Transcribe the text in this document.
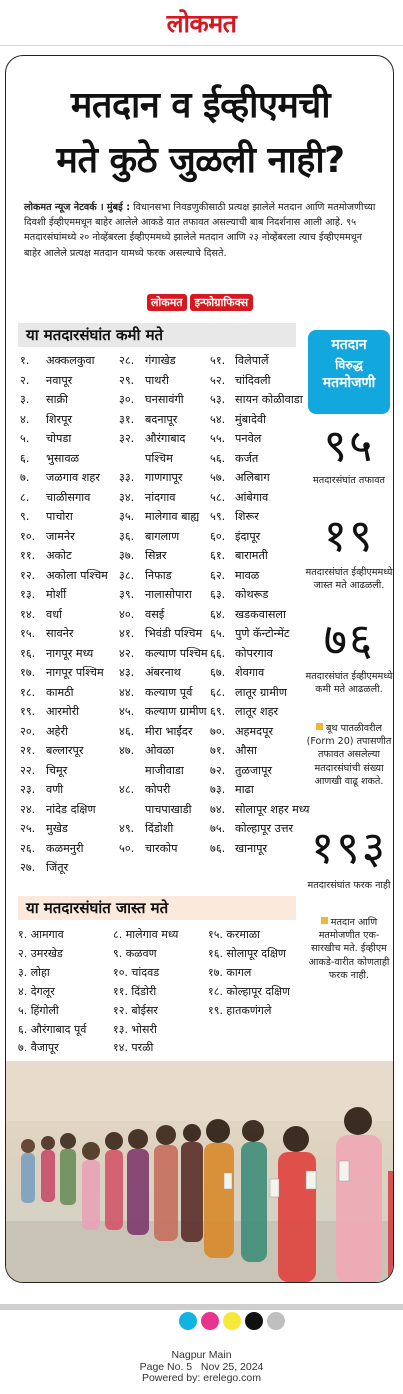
लोकमत
मतदान व ईव्हीएमची
मते कुठे जुळली नाही?

लोकमत न्यूज नेटवर्क । मुंबई : विधानसभा निवडणुकीसाठी प्रत्यक्ष झालेले मतदान आणि मतमोजणीच्या दिवशी ईव्हीएममधून बाहेर आलेले आकडे यात तफावत असल्याची बाब निदर्शनास आली आहे. ९५ मतदारसंघांमध्ये २० नोव्हेंबरला ईव्हीएममध्ये झालेले मतदान आणि २३ नोव्हेंबरला त्याच ईव्हीएममधून बाहेर आलेले प्रत्यक्ष मतदान यामध्ये फरक असल्याचे दिसते.

लोकमत	इन्फोग्राफिक्स
या मतदारसंघांत कमी मते
१.	अक्कलकुवा
२.	नवापूर
३.	साक्री
४.	शिरपूर
५.	चोपडा
६.	भुसावळ
७.	जळगाव शहर
८.	चाळीसगाव
९.	पाचोरा
१०. जामनेर
११. अकोट
१२. अकोला पश्चिम
१३. मोर्शी
१४. वर्धा
१५. सावनेर
१६. नागपूर मध्य
१७. नागपूर पश्चिम
१८. कामठी
१९. आरमोरी
२०. अहेरी
२१. बल्लारपूर
२२. चिमूर
२३. वणी
२४. नांदेड दक्षिण
२५. मुखेड
२६. कळमनुरी
२७. जिंतूर
२८. गंगाखेड
२९. पाथरी
३०. घनसावंगी
३१. बदनापूर
३२. औरंगाबाद पश्चिम
३३. गाणगापूर
३४. नांदगाव
३५. मालेगाव बाह्य
३६. बागलाण
३७. सिन्नर
३८. निफाड
३९. नालासोपारा
४०. वसई
४१. भिवंडी पश्चिम
४२. कल्याण पश्चिम
४३. अंबरनाथ
४४. कल्याण पूर्व
४५. कल्याण ग्रामीण
४६. मीरा भाईंदर
४७. ओवळा माजीवाडा
४८. कोपरी पाचपाखाडी
४९. दिंडोशी
५०. चारकोप
५१. विलेपार्ले
५२. चांदिवली
५३. सायन कोळीवाडा
५४. मुंबादेवी
५५. पनवेल
५६. कर्जत
५७. अलिबाग
५८. आंबेगाव
५९. शिरूर
६०. इंदापूर
६१. बारामती
६२. मावळ
६३. कोथरूड
६४. खडकवासला
६५. पुणे कॅन्टोन्मेंट
६६. कोपरगाव
६७. शेवगाव
६८. लातूर ग्रामीण
६९. लातूर शहर
७०. अहमदपूर
७१. औसा
७२. तुळजापूर
७३. माढा
७४. सोलापूर शहर मध्य
७५. कोल्हापूर उत्तर
७६. खानापूर
मतदान
विरुद्ध
मतमोजणी
९५
मतदारसंघांत तफावत
१९
मतदारसंघांत ईव्हीएममध्ये जास्त मते आढळली.
७६
मतदारसंघांत ईव्हीएममध्ये कमी मते आढळली.
बूथ पातळीवरील (Form 20) तपासणीत तफावत असलेल्या मतदारसंघांची संख्या आणखी वाढू शकते.
१९३
मतदारसंघांत फरक नाही
मतदान आणि मतमोजणीत एक-सारखीच मते. ईव्हीएम आकडे-वारीत कोणताही फरक नाही.
या मतदारसंघांत जास्त मते
१. आमगाव
२. उमरखेड
३. लोहा
४. देगलूर
५. हिंगोली
६. औरंगाबाद पूर्व
७. वैजापूर
८. मालेगाव मध्य
९. कळवण
१०. चांदवड
११. दिंडोरी
१२. बोईसर
१३. भोसरी
१४. परळी
१५. करमाळा
१६. सोलापूर दक्षिण
१७. कागल
१८. कोल्हापूर दक्षिण
१९. हातकणंगले
Nagpur Main
Page No. 5 Nov 25, 2024
Powered by: erelego.com
